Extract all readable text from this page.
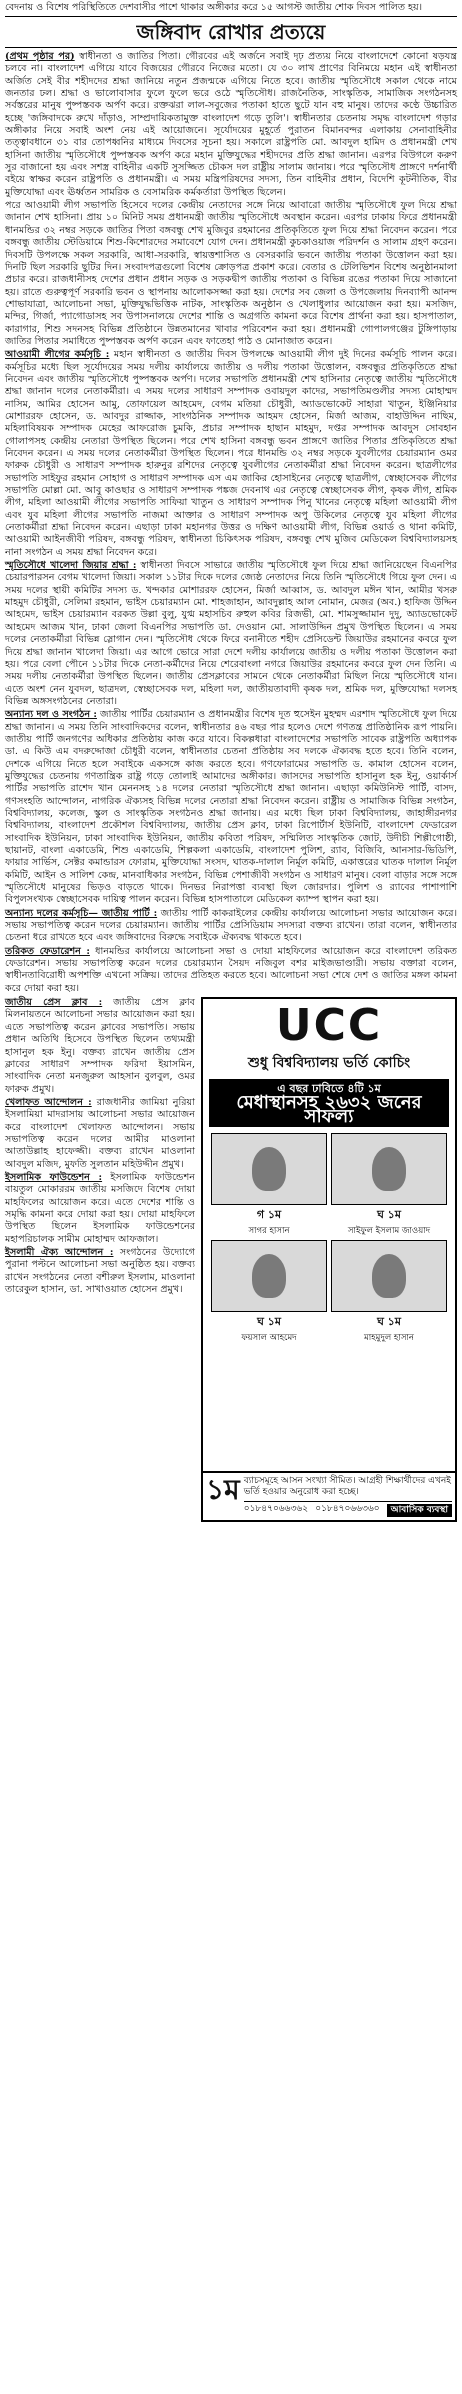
বেদনায় ও বিশেষ পরিস্থিতিতে দেশবাসীর পাশে থাকার অঙ্গীকার করে ১৫ আগস্ট জাতীয় শোক দিবস পালিত হয়।
জঙ্গিবাদ রোখার প্রত্যয়ে

(প্রথম পৃষ্ঠার পর) স্বাধীনতা ও জাতির পিতা। গৌরবের এই অর্জনে সবাই দৃঢ় প্রত্যয় নিয়ে বাংলাদেশে কোনো ষড়যন্ত্র চলবে না। বাংলাদেশ এগিয়ে যাবে বিজয়ের গৌরবে নিজের মতো। যে ৩০ লাখ প্রাণের বিনিময়ে মহান এই স্বাধীনতা অর্জিত সেই বীর শহীদদের শ্রদ্ধা জানিয়ে নতুন প্রজন্মকে এগিয়ে নিতে হবে। জাতীয় স্মৃতিসৌধে সকাল থেকে নামে জনতার ঢল। শ্রদ্ধা ও ভালোবাসার ফুলে ফুলে ভরে ওঠে স্মৃতিসৌধ। রাজনৈতিক, সাংস্কৃতিক, সামাজিক সংগঠনসহ সর্বস্তরের মানুষ পুষ্পস্তবক অর্পণ করে। রক্তঝরা লাল-সবুজের পতাকা হাতে ছুটে যান বহু মানুষ। তাদের কণ্ঠে উচ্চারিত হচ্ছে 'জঙ্গিবাদকে রুখে দাঁড়াও, সাম্প্রদায়িকতামুক্ত বাংলাদেশ গড়ে তুলি'। স্বাধীনতার চেতনায় সমৃদ্ধ বাংলাদেশ গড়ার অঙ্গীকার নিয়ে সবাই অংশ নেয় এই আয়োজনে। সূর্যোদয়ের মুহূর্তে পুরাতন বিমানবন্দর এলাকায় সেনাবাহিনীর তত্ত্বাবধানে ৩১ বার তোপধ্বনির মাধ্যমে দিবসের সূচনা হয়। সকালে রাষ্ট্রপতি মো. আবদুল হামিদ ও প্রধানমন্ত্রী শেখ হাসিনা জাতীয় স্মৃতিসৌধে পুষ্পস্তবক অর্পণ করে মহান মুক্তিযুদ্ধের শহীদদের প্রতি শ্রদ্ধা জানান। এরপর বিউগলে করুণ সুর বাজানো হয় এবং সশস্ত্র বাহিনীর একটি সুসজ্জিত চৌকস দল রাষ্ট্রীয় সালাম জানায়। পরে স্মৃতিসৌধ প্রাঙ্গণে দর্শনার্থী বইয়ে স্বাক্ষর করেন রাষ্ট্রপতি ও প্রধানমন্ত্রী। এ সময় মন্ত্রিপরিষদের সদস্য, তিন বাহিনীর প্রধান, বিদেশি কূটনীতিক, বীর মুক্তিযোদ্ধা এবং ঊর্ধ্বতন সামরিক ও বেসামরিক কর্মকর্তারা উপস্থিত ছিলেন।

পরে আওয়ামী লীগ সভাপতি হিসেবে দলের কেন্দ্রীয় নেতাদের সঙ্গে নিয়ে আবারো জাতীয় স্মৃতিসৌধে ফুল দিয়ে শ্রদ্ধা জানান শেখ হাসিনা। প্রায় ১০ মিনিট সময় প্রধানমন্ত্রী জাতীয় স্মৃতিসৌধে অবস্থান করেন। এরপর ঢাকায় ফিরে প্রধানমন্ত্রী ধানমন্ডির ৩২ নম্বর সড়কে জাতির পিতা বঙ্গবন্ধু শেখ মুজিবুর রহমানের প্রতিকৃতিতে ফুল দিয়ে শ্রদ্ধা নিবেদন করেন। পরে বঙ্গবন্ধু জাতীয় স্টেডিয়ামে শিশু-কিশোরদের সমাবেশে যোগ দেন। প্রধানমন্ত্রী কুচকাওয়াজ পরিদর্শন ও সালাম গ্রহণ করেন। দিবসটি উপলক্ষে সকল সরকারি, আধা-সরকারি, স্বায়ত্তশাসিত ও বেসরকারি ভবনে জাতীয় পতাকা উত্তোলন করা হয়। দিনটি ছিল সরকারি ছুটির দিন। সংবাদপত্রগুলো বিশেষ ক্রোড়পত্র প্রকাশ করে। বেতার ও টেলিভিশন বিশেষ অনুষ্ঠানমালা প্রচার করে। রাজধানীসহ দেশের প্রধান প্রধান সড়ক ও সড়কদ্বীপ জাতীয় পতাকা ও বিভিন্ন রঙের পতাকা দিয়ে সাজানো হয়। রাতে গুরুত্বপূর্ণ সরকারি ভবন ও স্থাপনায় আলোকসজ্জা করা হয়। দেশের সব জেলা ও উপজেলায় দিনব্যাপী আনন্দ শোভাযাত্রা, আলোচনা সভা, মুক্তিযুদ্ধভিত্তিক নাটক, সাংস্কৃতিক অনুষ্ঠান ও খেলাধুলার আয়োজন করা হয়। মসজিদ, মন্দির, গির্জা, প্যাগোডাসহ সব উপাসনালয়ে দেশের শান্তি ও অগ্রগতি কামনা করে বিশেষ প্রার্থনা করা হয়। হাসপাতাল, কারাগার, শিশু সদনসহ বিভিন্ন প্রতিষ্ঠানে উন্নতমানের খাবার পরিবেশন করা হয়। প্রধানমন্ত্রী গোপালগঞ্জের টুঙ্গিপাড়ায় জাতির পিতার সমাধিতে পুষ্পস্তবক অর্পণ করেন এবং ফাতেহা পাঠ ও মোনাজাত করেন।

আওয়ামী লীগের কর্মসূচি : মহান স্বাধীনতা ও জাতীয় দিবস উপলক্ষে আওয়ামী লীগ দুই দিনের কর্মসূচি পালন করে। কর্মসূচির মধ্যে ছিল সূর্যোদয়ের সময় দলীয় কার্যালয়ে জাতীয় ও দলীয় পতাকা উত্তোলন, বঙ্গবন্ধুর প্রতিকৃতিতে শ্রদ্ধা নিবেদন এবং জাতীয় স্মৃতিসৌধে পুষ্পস্তবক অর্পণ। দলের সভাপতি প্রধানমন্ত্রী শেখ হাসিনার নেতৃত্বে জাতীয় স্মৃতিসৌধে শ্রদ্ধা জানান দলের নেতাকর্মীরা। এ সময় দলের সাধারণ সম্পাদক ওবায়দুল কাদের, সভাপতিমণ্ডলীর সদস্য মোহাম্মদ নাসিম, আমির হোসেন আমু, তোফায়েল আহমেদ, বেগম মতিয়া চৌধুরী, অ্যাডভোকেট সাহারা খাতুন, ইঞ্জিনিয়ার মোশাররফ হোসেন, ড. আবদুর রাজ্জাক, সাংগঠনিক সম্পাদক আহমদ হোসেন, মির্জা আজম, বাহাউদ্দিন নাছিম, মহিলাবিষয়ক সম্পাদক মেহের আফরোজ চুমকি, প্রচার সম্পাদক হাছান মাহমুদ, দপ্তর সম্পাদক আবদুস সোবহান গোলাপসহ কেন্দ্রীয় নেতারা উপস্থিত ছিলেন। পরে শেখ হাসিনা বঙ্গবন্ধু ভবন প্রাঙ্গণে জাতির পিতার প্রতিকৃতিতে শ্রদ্ধা নিবেদন করেন। এ সময় দলের নেতাকর্মীরা উপস্থিত ছিলেন। পরে ধানমন্ডি ৩২ নম্বর সড়কে যুবলীগের চেয়ারম্যান ওমর ফারুক চৌধুরী ও সাধারণ সম্পাদক হারুনুর রশিদের নেতৃত্বে যুবলীগের নেতাকর্মীরা শ্রদ্ধা নিবেদন করেন। ছাত্রলীগের সভাপতি সাইফুর রহমান সোহাগ ও সাধারণ সম্পাদক এস এম জাকির হোসাইনের নেতৃত্বে ছাত্রলীগ, স্বেচ্ছাসেবক লীগের সভাপতি মোল্লা মো. আবু কাওছার ও সাধারণ সম্পাদক পঙ্কজ দেবনাথ এর নেতৃত্বে স্বেচ্ছাসেবক লীগ, কৃষক লীগ, শ্রমিক লীগ, মহিলা আওয়ামী লীগের সভাপতি সাফিয়া খাতুন ও সাধারণ সম্পাদক পিনু খানের নেতৃত্বে মহিলা আওয়ামী লীগ এবং যুব মহিলা লীগের সভাপতি নাজমা আক্তার ও সাধারণ সম্পাদক অপু উকিলের নেতৃত্বে যুব মহিলা লীগের নেতাকর্মীরা শ্রদ্ধা নিবেদন করেন। এছাড়া ঢাকা মহানগর উত্তর ও দক্ষিণ আওয়ামী লীগ, বিভিন্ন ওয়ার্ড ও থানা কমিটি, আওয়ামী আইনজীবী পরিষদ, বঙ্গবন্ধু পরিষদ, স্বাধীনতা চিকিৎসক পরিষদ, বঙ্গবন্ধু শেখ মুজিব মেডিকেল বিশ্ববিদ্যালয়সহ নানা সংগঠন এ সময় শ্রদ্ধা নিবেদন করে।

স্মৃতিসৌধে খালেদা জিয়ার শ্রদ্ধা : স্বাধীনতা দিবসে সাভারে জাতীয় স্মৃতিসৌধে ফুল দিয়ে শ্রদ্ধা জানিয়েছেন বিএনপির চেয়ারপারসন বেগম খালেদা জিয়া। সকাল ১১টার দিকে দলের জ্যেষ্ঠ নেতাদের নিয়ে তিনি স্মৃতিসৌধে গিয়ে ফুল দেন। এ সময় দলের স্থায়ী কমিটির সদস্য ড. খন্দকার মোশাররফ হোসেন, মির্জা আব্বাস, ড. আবদুল মঈন খান, আমীর খসরু মাহমুদ চৌধুরী, সেলিমা রহমান, ভাইস চেয়ারম্যান মো. শাহজাহান, আবদুল্লাহ আল নোমান, মেজর (অব.) হাফিজ উদ্দিন আহমেদ, ভাইস চেয়ারম্যান বরকত উল্লা বুলু, যুগ্ম মহাসচিব রুহুল কবির রিজভী, মো. শামসুজ্জামান দুদু, অ্যাডভোকেট আহমেদ আজম খান, ঢাকা জেলা বিএনপির সভাপতি ডা. দেওয়ান মো. সালাউদ্দিন প্রমুখ উপস্থিত ছিলেন। এ সময় দলের নেতাকর্মীরা বিভিন্ন স্লোগান দেন। স্মৃতিসৌধ থেকে ফিরে বনানীতে শহীদ প্রেসিডেন্ট জিয়াউর রহমানের কবরে ফুল দিয়ে শ্রদ্ধা জানান খালেদা জিয়া। এর আগে ভোরে সারা দেশে দলীয় কার্যালয়ে জাতীয় ও দলীয় পতাকা উত্তোলন করা হয়। পরে বেলা পৌনে ১১টার দিকে নেতা-কর্মীদের নিয়ে শেরেবাংলা নগরে জিয়াউর রহমানের কবরে ফুল দেন তিনি। এ সময় দলীয় নেতাকর্মীরা উপস্থিত ছিলেন। জাতীয় প্রেসক্লাবের সামনে থেকে নেতাকর্মীরা মিছিল নিয়ে স্মৃতিসৌধে যান। এতে অংশ নেন যুবদল, ছাত্রদল, স্বেচ্ছাসেবক দল, মহিলা দল, জাতীয়তাবাদী কৃষক দল, শ্রমিক দল, মুক্তিযোদ্ধা দলসহ বিভিন্ন অঙ্গসংগঠনের নেতারা।

অন্যান্য দল ও সংগঠন : জাতীয় পার্টির চেয়ারম্যান ও প্রধানমন্ত্রীর বিশেষ দূত হুসেইন মুহম্মদ এরশাদ স্মৃতিসৌধে ফুল দিয়ে শ্রদ্ধা জানান। এ সময় তিনি সাংবাদিকদের বলেন, স্বাধীনতার ৪৬ বছর পার হলেও দেশে গণতন্ত্র প্রাতিষ্ঠানিক রূপ পায়নি। জাতীয় পার্টি জনগণের অধিকার প্রতিষ্ঠায় কাজ করে যাবে। বিকল্পধারা বাংলাদেশের সভাপতি সাবেক রাষ্ট্রপতি অধ্যাপক ডা. এ কিউ এম বদরুদ্দোজা চৌধুরী বলেন, স্বাধীনতার চেতনা প্রতিষ্ঠায় সব দলকে ঐক্যবদ্ধ হতে হবে। তিনি বলেন, দেশকে এগিয়ে নিতে হলে সবাইকে একসঙ্গে কাজ করতে হবে। গণফোরামের সভাপতি ড. কামাল হোসেন বলেন, মুক্তিযুদ্ধের চেতনায় গণতান্ত্রিক রাষ্ট্র গড়ে তোলাই আমাদের অঙ্গীকার। জাসদের সভাপতি হাসানুল হক ইনু, ওয়ার্কার্স পার্টির সভাপতি রাশেদ খান মেননসহ ১৪ দলের নেতারা স্মৃতিসৌধে শ্রদ্ধা জানান। এছাড়া কমিউনিস্ট পার্টি, বাসদ, গণসংহতি আন্দোলন, নাগরিক ঐক্যসহ বিভিন্ন দলের নেতারা শ্রদ্ধা নিবেদন করেন। রাষ্ট্রীয় ও সামাজিক বিভিন্ন সংগঠন, বিশ্ববিদ্যালয়, কলেজ, স্কুল ও সাংস্কৃতিক সংগঠনও শ্রদ্ধা জানায়। এর মধ্যে ছিল ঢাকা বিশ্ববিদ্যালয়, জাহাঙ্গীরনগর বিশ্ববিদ্যালয়, বাংলাদেশ প্রকৌশল বিশ্ববিদ্যালয়, জাতীয় প্রেস ক্লাব, ঢাকা রিপোর্টার্স ইউনিটি, বাংলাদেশ ফেডারেল সাংবাদিক ইউনিয়ন, ঢাকা সাংবাদিক ইউনিয়ন, জাতীয় কবিতা পরিষদ, সম্মিলিত সাংস্কৃতিক জোট, উদীচী শিল্পীগোষ্ঠী, ছায়ানট, বাংলা একাডেমি, শিশু একাডেমি, শিল্পকলা একাডেমি, বাংলাদেশ পুলিশ, র‍্যাব, বিজিবি, আনসার-ভিডিপি, ফায়ার সার্ভিস, সেক্টর কমান্ডারস ফোরাম, মুক্তিযোদ্ধা সংসদ, ঘাতক-দালাল নির্মূল কমিটি, একাত্তরের ঘাতক দালাল নির্মূল কমিটি, আইন ও সালিশ কেন্দ্র, মানবাধিকার সংগঠন, বিভিন্ন পেশাজীবী সংগঠন ও সাধারণ মানুষ। বেলা বাড়ার সঙ্গে সঙ্গে স্মৃতিসৌধে মানুষের ভিড়ও বাড়তে থাকে। দিনভর নিরাপত্তা ব্যবস্থা ছিল জোরদার। পুলিশ ও র‍্যাবের পাশাপাশি বিপুলসংখ্যক স্বেচ্ছাসেবক দায়িত্ব পালন করেন। বিভিন্ন হাসপাতালে মেডিকেল ক্যাম্প স্থাপন করা হয়।

অন্যান্য দলের কর্মসূচি— জাতীয় পার্টি : জাতীয় পার্টি কাকরাইলের কেন্দ্রীয় কার্যালয়ে আলোচনা সভার আয়োজন করে। সভায় সভাপতিত্ব করেন দলের চেয়ারম্যান। জাতীয় পার্টির প্রেসিডিয়াম সদস্যরা বক্তব্য রাখেন। তারা বলেন, স্বাধীনতার চেতনা ধরে রাখতে হবে এবং জঙ্গিবাদের বিরুদ্ধে সবাইকে ঐক্যবদ্ধ থাকতে হবে।

তরিকত ফেডারেশন : ধানমন্ডির কার্যালয়ে আলোচনা সভা ও দোয়া মাহফিলের আয়োজন করে বাংলাদেশ তরিকত ফেডারেশন। সভায় সভাপতিত্ব করেন দলের চেয়ারম্যান সৈয়দ নজিবুল বশর মাইজভাণ্ডারী। সভায় বক্তারা বলেন, স্বাধীনতাবিরোধী অপশক্তি এখনো সক্রিয়। তাদের প্রতিহত করতে হবে। আলোচনা সভা শেষে দেশ ও জাতির মঙ্গল কামনা করে দোয়া করা হয়।

জাতীয় প্রেস ক্লাব : জাতীয় প্রেস ক্লাব মিলনায়তনে আলোচনা সভার আয়োজন করা হয়। এতে সভাপতিত্ব করেন ক্লাবের সভাপতি। সভায় প্রধান অতিথি হিসেবে উপস্থিত ছিলেন তথ্যমন্ত্রী হাসানুল হক ইনু। বক্তব্য রাখেন জাতীয় প্রেস ক্লাবের সাধারণ সম্পাদক ফরিদা ইয়াসমিন, সাংবাদিক নেতা মনজুরুল আহসান বুলবুল, ওমর ফারুক প্রমুখ।

খেলাফত আন্দোলন : রাজধানীর জামিয়া নুরিয়া ইসলামিয়া মাদরাসায় আলোচনা সভার আয়োজন করে বাংলাদেশ খেলাফত আন্দোলন। সভায় সভাপতিত্ব করেন দলের আমীর মাওলানা আতাউল্লাহ হাফেজ্জী। বক্তব্য রাখেন মাওলানা আবদুল মজিদ, মুফতি সুলতান মহিউদ্দীন প্রমুখ।

ইসলামিক ফাউন্ডেশন : ইসলামিক ফাউন্ডেশন বায়তুল মোকাররম জাতীয় মসজিদে বিশেষ দোয়া মাহফিলের আয়োজন করে। এতে দেশের শান্তি ও সমৃদ্ধি কামনা করে দোয়া করা হয়। দোয়া মাহফিলে উপস্থিত ছিলেন ইসলামিক ফাউন্ডেশনের মহাপরিচালক সামীম মোহাম্মদ আফজাল।

ইসলামী ঐক্য আন্দোলন : সংগঠনের উদ্যোগে পুরানা পল্টনে আলোচনা সভা অনুষ্ঠিত হয়। বক্তব্য রাখেন সংগঠনের নেতা বশীরুল ইসলাম, মাওলানা তারেকুল হাসান, ডা. সাখাওয়াত হোসেন প্রমুখ।

UCC
শুধু বিশ্ববিদ্যালয় ভর্তি কোচিং
এ বছর ঢাবিতে ৪টি ১ম
মেধাস্থানসহ ২৬৩২ জনের সাফল্য
গ ১ম
সাগর হাসান
ঘ ১ম
সাইফুল ইসলাম জাওয়াদ
ঘ ১ম
ফয়সাল আহমেদ
ঘ ১ম
মাহমুদুল হাসান
১ম ব্যাচসমূহে আসন সংখ্যা সীমিত। আগ্রহী শিক্ষার্থীদের এখনই ভর্তি হওয়ার অনুরোধ করা হচ্ছে।
০১৮৪৭০৬৬৩৬২ ০১৮৪৭০৬৬৩৬০	আবাসিক ব্যবস্থা
